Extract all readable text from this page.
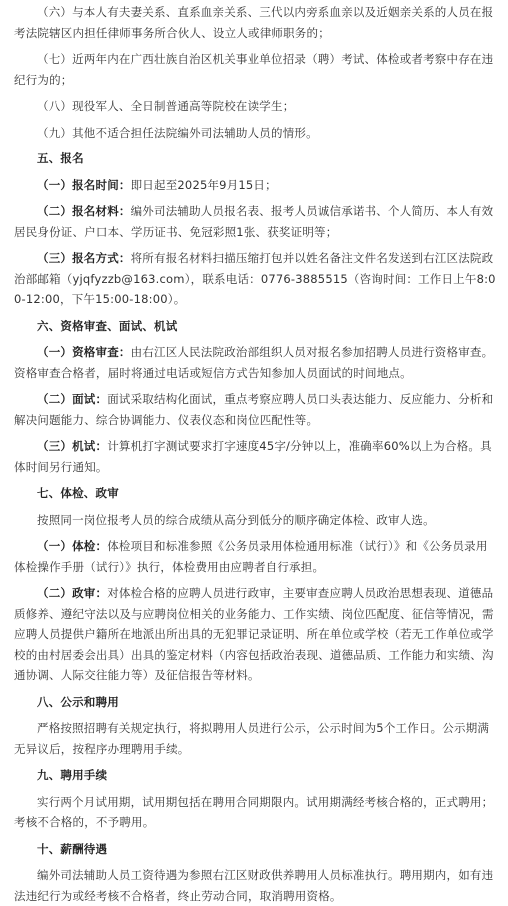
（六）与本人有夫妻关系、直系血亲关系、三代以内旁系血亲以及近姻亲关系的人员在报考法院辖区内担任律师事务所合伙人、设立人或律师职务的；

（七）近两年内在广西壮族自治区机关事业单位招录（聘）考试、体检或者考察中存在违纪行为的；

（八）现役军人、全日制普通高等院校在读学生；

（九）其他不适合担任法院编外司法辅助人员的情形。

五、报名

（一）报名时间：即日起至2025年9月15日；

（二）报名材料：编外司法辅助人员报名表、报考人员诚信承诺书、个人简历、本人有效居民身份证、户口本、学历证书、免冠彩照1张、获奖证明等；

（三）报名方式：将所有报名材料扫描压缩打包并以姓名备注文件名发送到右江区法院政治部邮箱（yjqfyzzb@163.com），联系电话：0776-3885515（咨询时间：工作日上午8:00-12:00，下午15:00-18:00）。

六、资格审查、面试、机试

（一）资格审查：由右江区人民法院政治部组织人员对报名参加招聘人员进行资格审查。资格审查合格者，届时将通过电话或短信方式告知参加人员面试的时间地点。

（二）面试：面试采取结构化面试，重点考察应聘人员口头表达能力、反应能力、分析和解决问题能力、综合协调能力、仪表仪态和岗位匹配性等。

（三）机试：计算机打字测试要求打字速度45字/分钟以上，准确率60%以上为合格。具体时间另行通知。

七、体检、政审

按照同一岗位报考人员的综合成绩从高分到低分的顺序确定体检、政审人选。

（一）体检：体检项目和标准参照《公务员录用体检通用标准（试行）》和《公务员录用体检操作手册（试行）》执行，体检费用由应聘者自行承担。

（二）政审：对体检合格的应聘人员进行政审，主要审查应聘人员政治思想表现、道德品质修养、遵纪守法以及与应聘岗位相关的业务能力、工作实绩、岗位匹配度、征信等情况，需应聘人员提供户籍所在地派出所出具的无犯罪记录证明、所在单位或学校（若无工作单位或学校的由村居委会出具）出具的鉴定材料（内容包括政治表现、道德品质、工作能力和实绩、沟通协调、人际交往能力等）及征信报告等材料。

八、公示和聘用

严格按照招聘有关规定执行，将拟聘用人员进行公示，公示时间为5个工作日。公示期满无异议后，按程序办理聘用手续。

九、聘用手续

实行两个月试用期，试用期包括在聘用合同期限内。试用期满经考核合格的，正式聘用；考核不合格的，不予聘用。

十、薪酬待遇

编外司法辅助人员工资待遇为参照右江区财政供养聘用人员标准执行。聘用期内，如有违法违纪行为或经考核不合格者，终止劳动合同，取消聘用资格。
